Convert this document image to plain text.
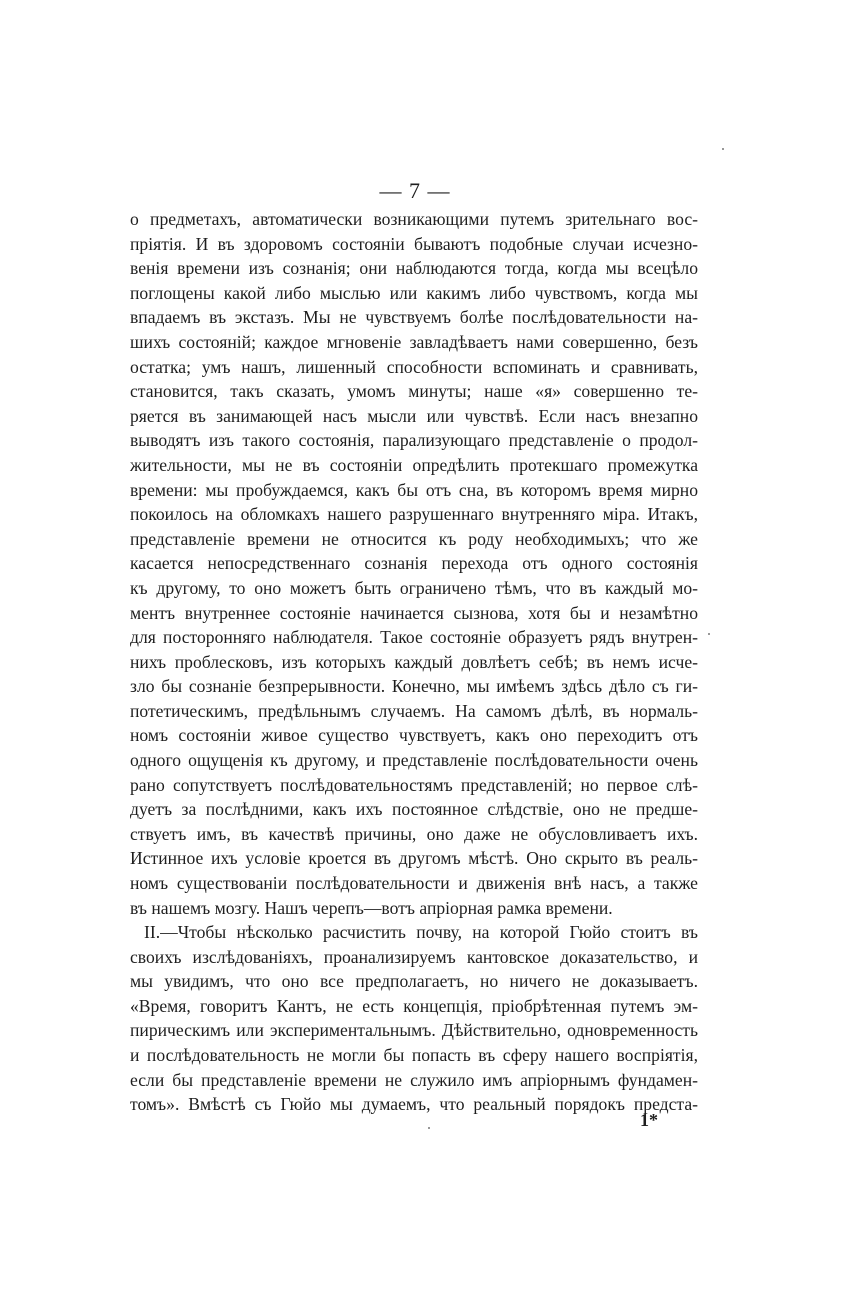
— 7 —
о предметахъ, автоматически возникающими путемъ зрительнаго вос-
пріятія. И въ здоровомъ состояніи бываютъ подобные случаи исчезно-
венія времени изъ сознанія; они наблюдаются тогда, когда мы всецѣло
поглощены какой либо мыслью или какимъ либо чувствомъ, когда мы
впадаемъ въ экстазъ. Мы не чувствуемъ болѣе послѣдовательности на-
шихъ состояній; каждое мгновеніе завладѣваетъ нами совершенно, безъ
остатка; умъ нашъ, лишенный способности вспоминать и сравнивать,
становится, такъ сказать, умомъ минуты; наше «я» совершенно те-
ряется въ занимающей насъ мысли или чувствѣ. Если насъ внезапно
выводятъ изъ такого состоянія, парализующаго представленіе о продол-
жительности, мы не въ состояніи опредѣлить протекшаго промежутка
времени: мы пробуждаемся, какъ бы отъ сна, въ которомъ время мирно
покоилось на обломкахъ нашего разрушеннаго внутренняго міра. Итакъ,
представленіе времени не относится къ роду необходимыхъ; что же
касается непосредственнаго сознанія перехода отъ одного состоянія
къ другому, то оно можетъ быть ограничено тѣмъ, что въ каждый мо-
ментъ внутреннее состояніе начинается сызнова, хотя бы и незамѣтно
для посторонняго наблюдателя. Такое состояніе образуетъ рядъ внутрен-
нихъ проблесковъ, изъ которыхъ каждый довлѣетъ себѣ; въ немъ исче-
зло бы сознаніе безпрерывности. Конечно, мы имѣемъ здѣсь дѣло съ ги-
потетическимъ, предѣльнымъ случаемъ. На самомъ дѣлѣ, въ нормаль-
номъ состояніи живое существо чувствуетъ, какъ оно переходитъ отъ
одного ощущенія къ другому, и представленіе послѣдовательности очень
рано сопутствуетъ послѣдовательностямъ представленій; но первое слѣ-
дуетъ за послѣдними, какъ ихъ постоянное слѣдствіе, оно не предше-
ствуетъ имъ, въ качествѣ причины, оно даже не обусловливаетъ ихъ.
Истинное ихъ условіе кроется въ другомъ мѣстѣ. Оно скрыто въ реаль-
номъ существованіи послѣдовательности и движенія внѣ насъ, а также
въ нашемъ мозгу. Нашъ черепъ—вотъ апріорная рамка времени.
II.—Чтобы нѣсколько расчистить почву, на которой Гюйо стоитъ въ
своихъ изслѣдованіяхъ, проанализируемъ кантовское доказательство, и
мы увидимъ, что оно все предполагаетъ, но ничего не доказываетъ.
«Время, говоритъ Кантъ, не есть концепція, пріобрѣтенная путемъ эм-
пирическимъ или экспериментальнымъ. Дѣйствительно, одновременность
и послѣдовательность не могли бы попасть въ сферу нашего воспріятія,
если бы представленіе времени не служило имъ апріорнымъ фундамен-
томъ». Вмѣстѣ съ Гюйо мы думаемъ, что реальный порядокъ предста-
1*
